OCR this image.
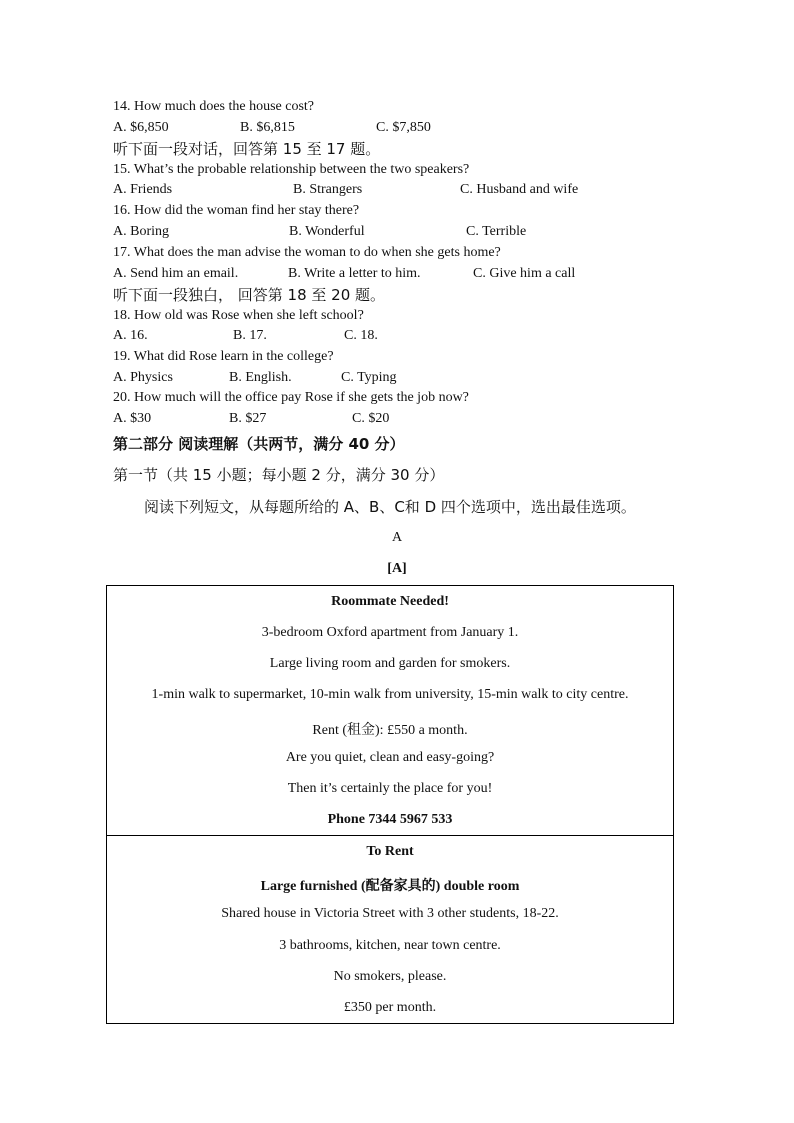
14. How much does the house cost?
A. $6,850	B. $6,815	C. $7,850
听下面一段对话，回答第 15 至 17 题。
15. What’s the probable relationship between the two speakers?
A. Friends	B. Strangers	C. Husband and wife
16. How did the woman find her stay there?
A. Boring	B. Wonderful	C. Terrible
17. What does the man advise the woman to do when she gets home?
A. Send him an email.	B. Write a letter to him.	C. Give him a call
听下面一段独白， 回答第 18 至 20 题。
18. How old was Rose when she left school?
A. 16.	B. 17.	C. 18.
19. What did Rose learn in the college?
A. Physics	B. English.	C. Typing
20. How much will the office pay Rose if she gets the job now?
A. $30	B. $27	C. $20
第二部分 阅读理解（共两节，满分 40 分）
第一节（共 15 小题；每小题 2 分，满分 30 分）
阅读下列短文，从每题所给的 A、B、C和 D 四个选项中，选出最佳选项。
A
[A]
Roommate Needed!
3-bedroom Oxford apartment from January 1.
Large living room and garden for smokers.
1-min walk to supermarket, 10-min walk from university, 15-min walk to city centre.
Rent (租金): £550 a month.
Are you quiet, clean and easy-going?
Then it’s certainly the place for you!
Phone 7344 5967 533
To Rent
Large furnished (配备家具的) double room
Shared house in Victoria Street with 3 other students, 18-22.
3 bathrooms, kitchen, near town centre.
No smokers, please.
£350 per month.
